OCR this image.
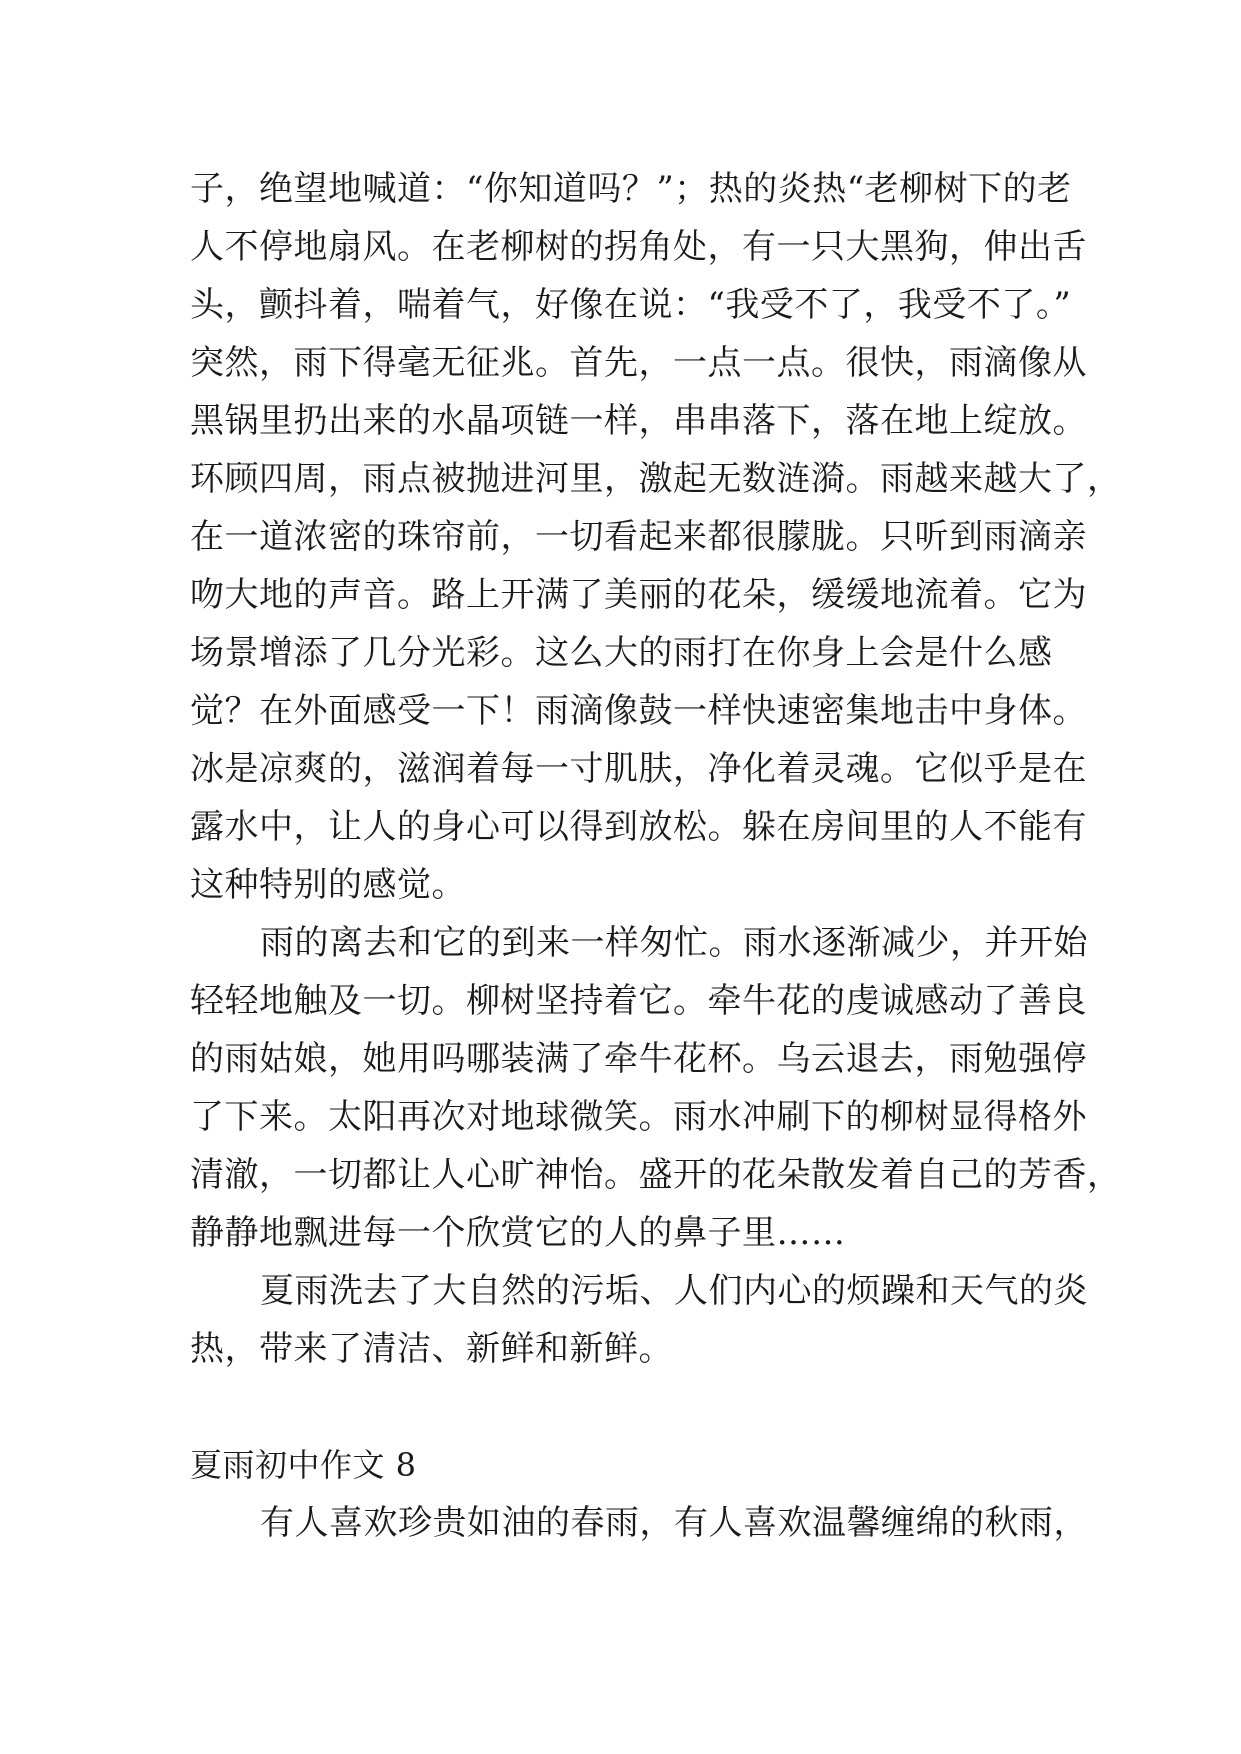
子，绝望地喊道：“你知道吗？”；热的炎热“老柳树下的老
人不停地扇风。在老柳树的拐角处，有一只大黑狗，伸出舌
头，颤抖着，喘着气，好像在说：“我受不了，我受不了。”
突然，雨下得毫无征兆。首先，一点一点。很快，雨滴像从
黑锅里扔出来的水晶项链一样，串串落下，落在地上绽放。
环顾四周，雨点被抛进河里，激起无数涟漪。雨越来越大了，
在一道浓密的珠帘前，一切看起来都很朦胧。只听到雨滴亲
吻大地的声音。路上开满了美丽的花朵，缓缓地流着。它为
场景增添了几分光彩。这么大的雨打在你身上会是什么感
觉？在外面感受一下！雨滴像鼓一样快速密集地击中身体。
冰是凉爽的，滋润着每一寸肌肤，净化着灵魂。它似乎是在
露水中，让人的身心可以得到放松。躲在房间里的人不能有
这种特别的感觉。
雨的离去和它的到来一样匆忙。雨水逐渐减少，并开始
轻轻地触及一切。柳树坚持着它。牵牛花的虔诚感动了善良
的雨姑娘，她用吗哪装满了牵牛花杯。乌云退去，雨勉强停
了下来。太阳再次对地球微笑。雨水冲刷下的柳树显得格外
清澈，一切都让人心旷神怡。盛开的花朵散发着自己的芳香，
静静地飘进每一个欣赏它的人的鼻子里……
夏雨洗去了大自然的污垢、人们内心的烦躁和天气的炎
热，带来了清洁、新鲜和新鲜。
夏雨初中作文 8
有人喜欢珍贵如油的春雨，有人喜欢温馨缠绵的秋雨，
